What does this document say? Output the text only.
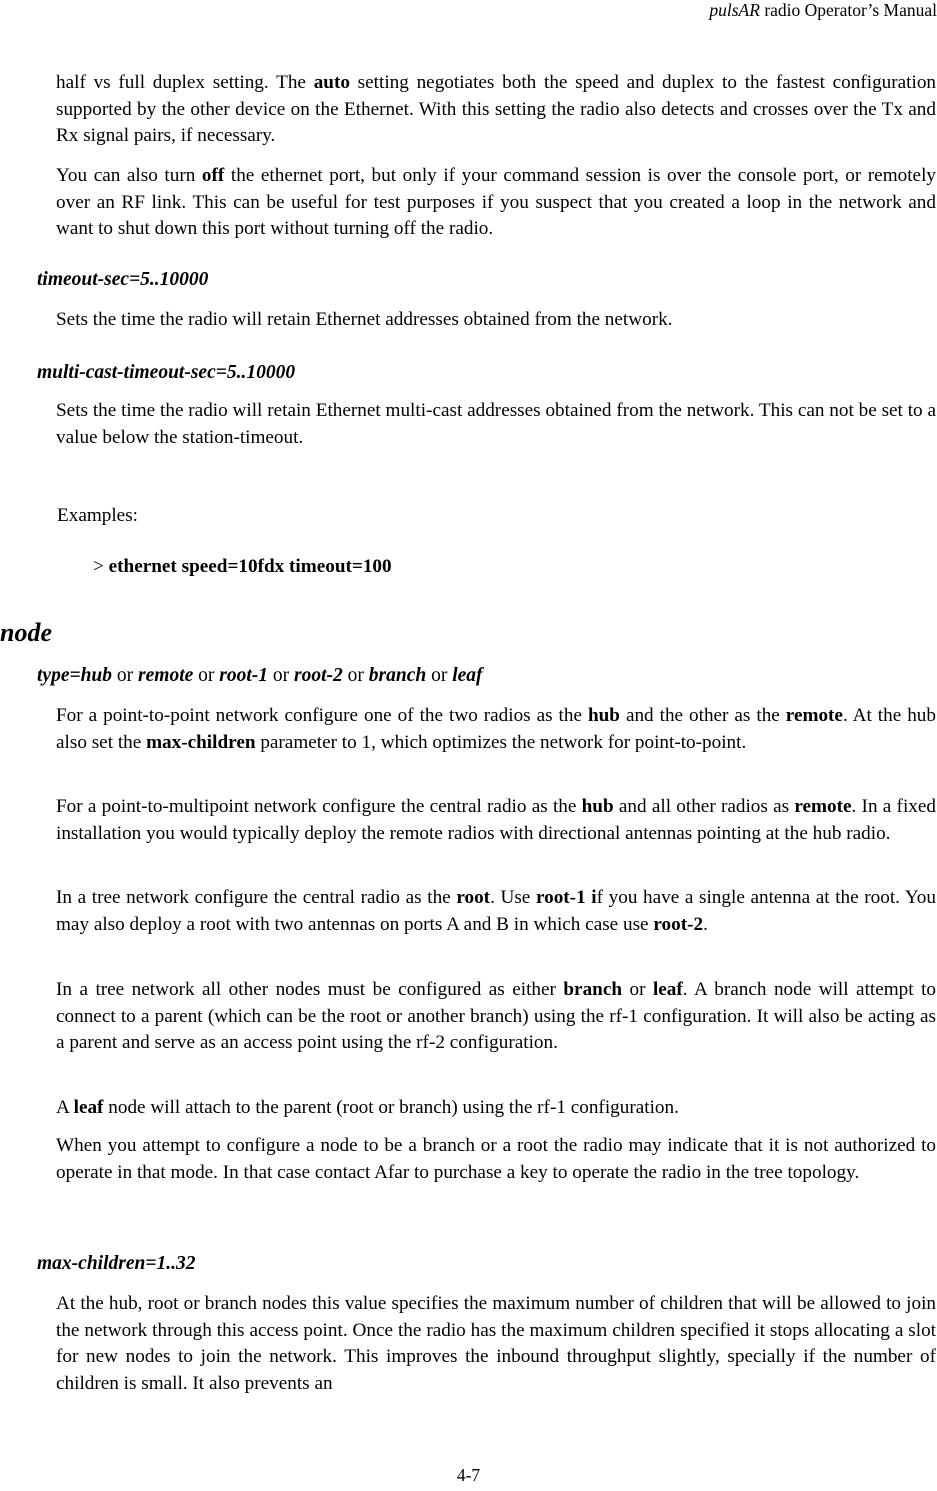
pulsAR radio Operator’s Manual
half vs full duplex setting. The auto setting negotiates both the speed and duplex to the fastest configuration supported by the other device on the Ethernet. With this setting the radio also detects and crosses over the Tx and Rx signal pairs, if necessary.
You can also turn off the ethernet port, but only if your command session is over the console port, or remotely over an RF link. This can be useful for test purposes if you suspect that you created a loop in the network and want to shut down this port without turning off the radio.
timeout-sec=5..10000
Sets the time the radio will retain Ethernet addresses obtained from the network.
multi-cast-timeout-sec=5..10000
Sets the time the radio will retain Ethernet multi-cast addresses obtained from the network. This can not be set to a value below the station-timeout.
Examples:
> ethernet speed=10fdx timeout=100
node
type=hub or remote or root-1 or root-2 or branch or leaf
For a point-to-point network configure one of the two radios as the hub and the other as the remote. At the hub also set the max-children parameter to 1, which optimizes the network for point-to-point.
For a point-to-multipoint network configure the central radio as the hub and all other radios as remote. In a fixed installation you would typically deploy the remote radios with directional antennas pointing at the hub radio.
In a tree network configure the central radio as the root. Use root-1 if you have a single antenna at the root. You may also deploy a root with two antennas on ports A and B in which case use root-2.
In a tree network all other nodes must be configured as either branch or leaf. A branch node will attempt to connect to a parent (which can be the root or another branch) using the rf-1 configuration. It will also be acting as a parent and serve as an access point using the rf-2 configuration.
A leaf node will attach to the parent (root or branch) using the rf-1 configuration.
When you attempt to configure a node to be a branch or a root the radio may indicate that it is not authorized to operate in that mode. In that case contact Afar to purchase a key to operate the radio in the tree topology.
max-children=1..32
At the hub, root or branch nodes this value specifies the maximum number of children that will be allowed to join the network through this access point. Once the radio has the maximum children specified it stops allocating a slot for new nodes to join the network. This improves the inbound throughput slightly, specially if the number of children is small. It also prevents an
4-7
